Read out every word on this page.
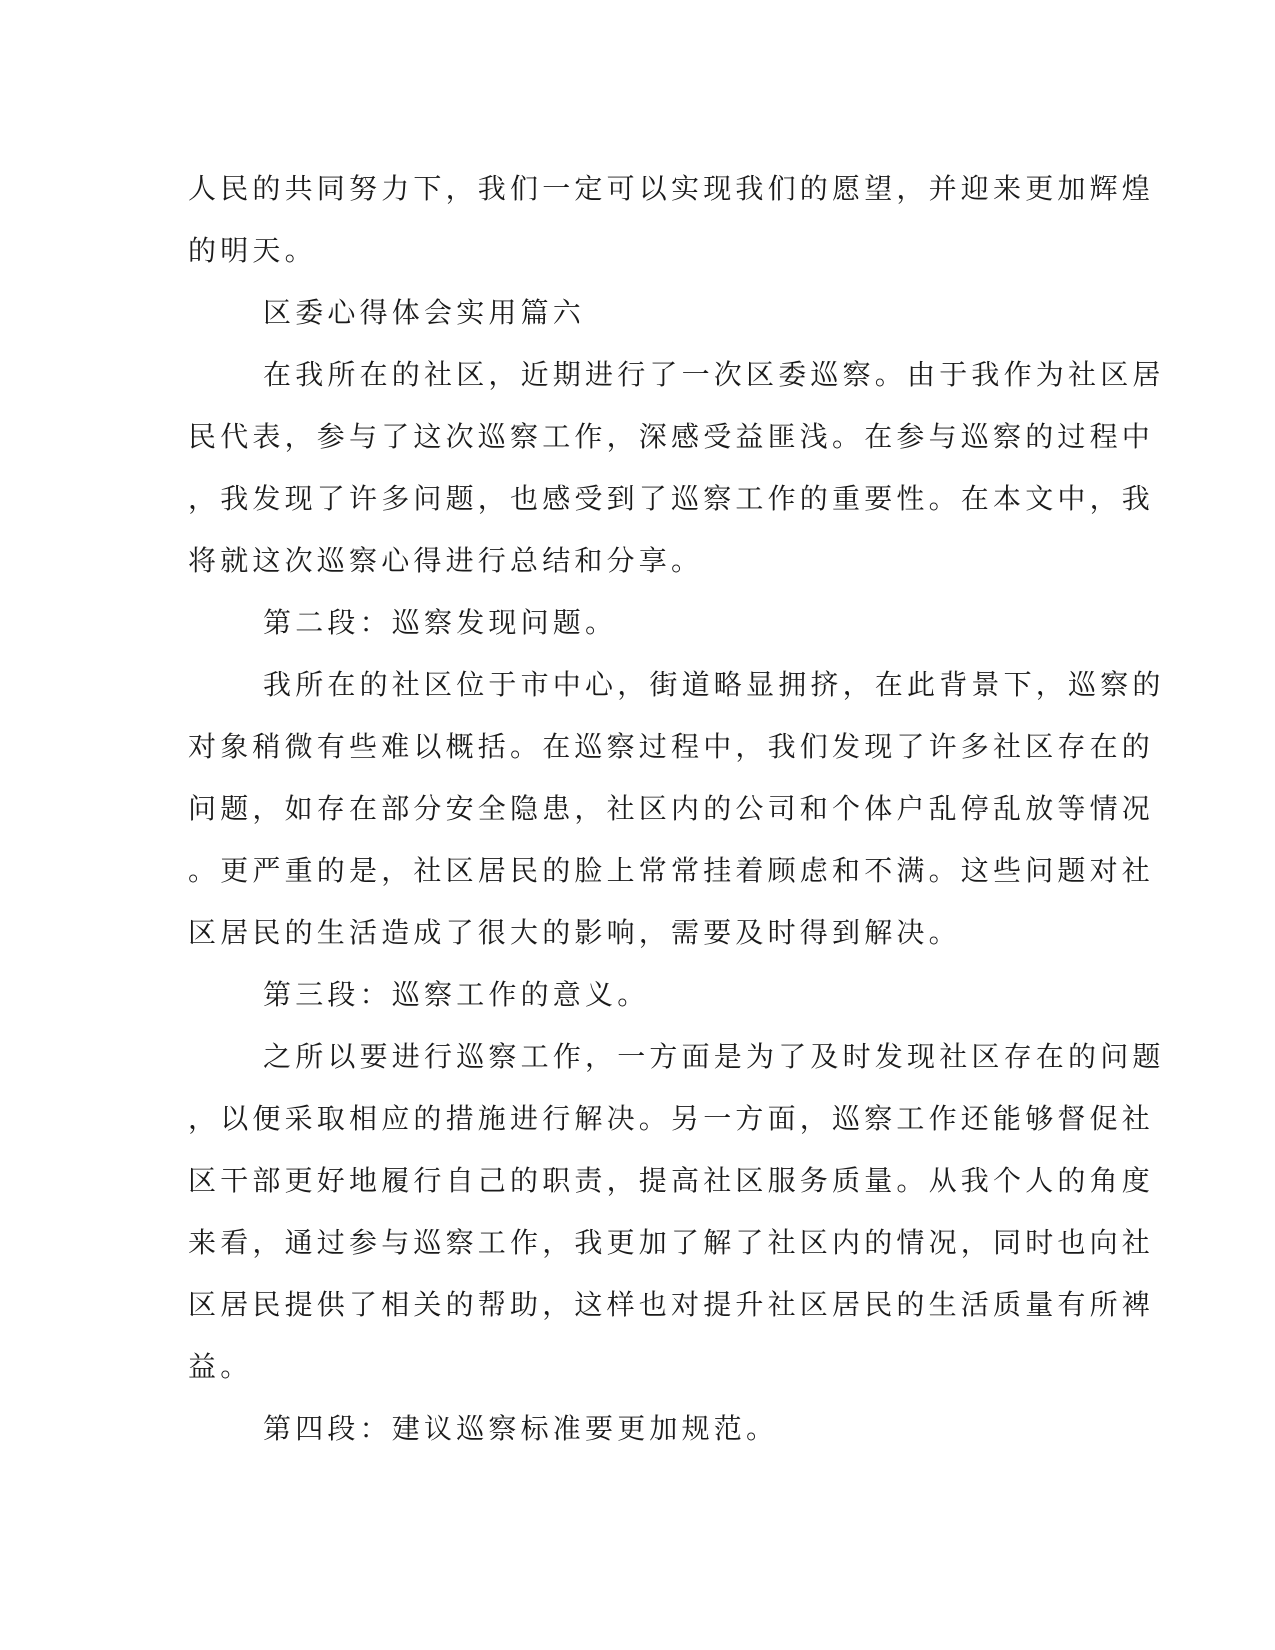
人民的共同努力下，我们一定可以实现我们的愿望，并迎来更加辉煌
的明天。
区委心得体会实用篇六
在我所在的社区，近期进行了一次区委巡察。由于我作为社区居
民代表，参与了这次巡察工作，深感受益匪浅。在参与巡察的过程中
，我发现了许多问题，也感受到了巡察工作的重要性。在本文中，我
将就这次巡察心得进行总结和分享。
第二段：巡察发现问题。
我所在的社区位于市中心，街道略显拥挤，在此背景下，巡察的
对象稍微有些难以概括。在巡察过程中，我们发现了许多社区存在的
问题，如存在部分安全隐患，社区内的公司和个体户乱停乱放等情况
。更严重的是，社区居民的脸上常常挂着顾虑和不满。这些问题对社
区居民的生活造成了很大的影响，需要及时得到解决。
第三段：巡察工作的意义。
之所以要进行巡察工作，一方面是为了及时发现社区存在的问题
，以便采取相应的措施进行解决。另一方面，巡察工作还能够督促社
区干部更好地履行自己的职责，提高社区服务质量。从我个人的角度
来看，通过参与巡察工作，我更加了解了社区内的情况，同时也向社
区居民提供了相关的帮助，这样也对提升社区居民的生活质量有所裨
益。
第四段：建议巡察标准要更加规范。
